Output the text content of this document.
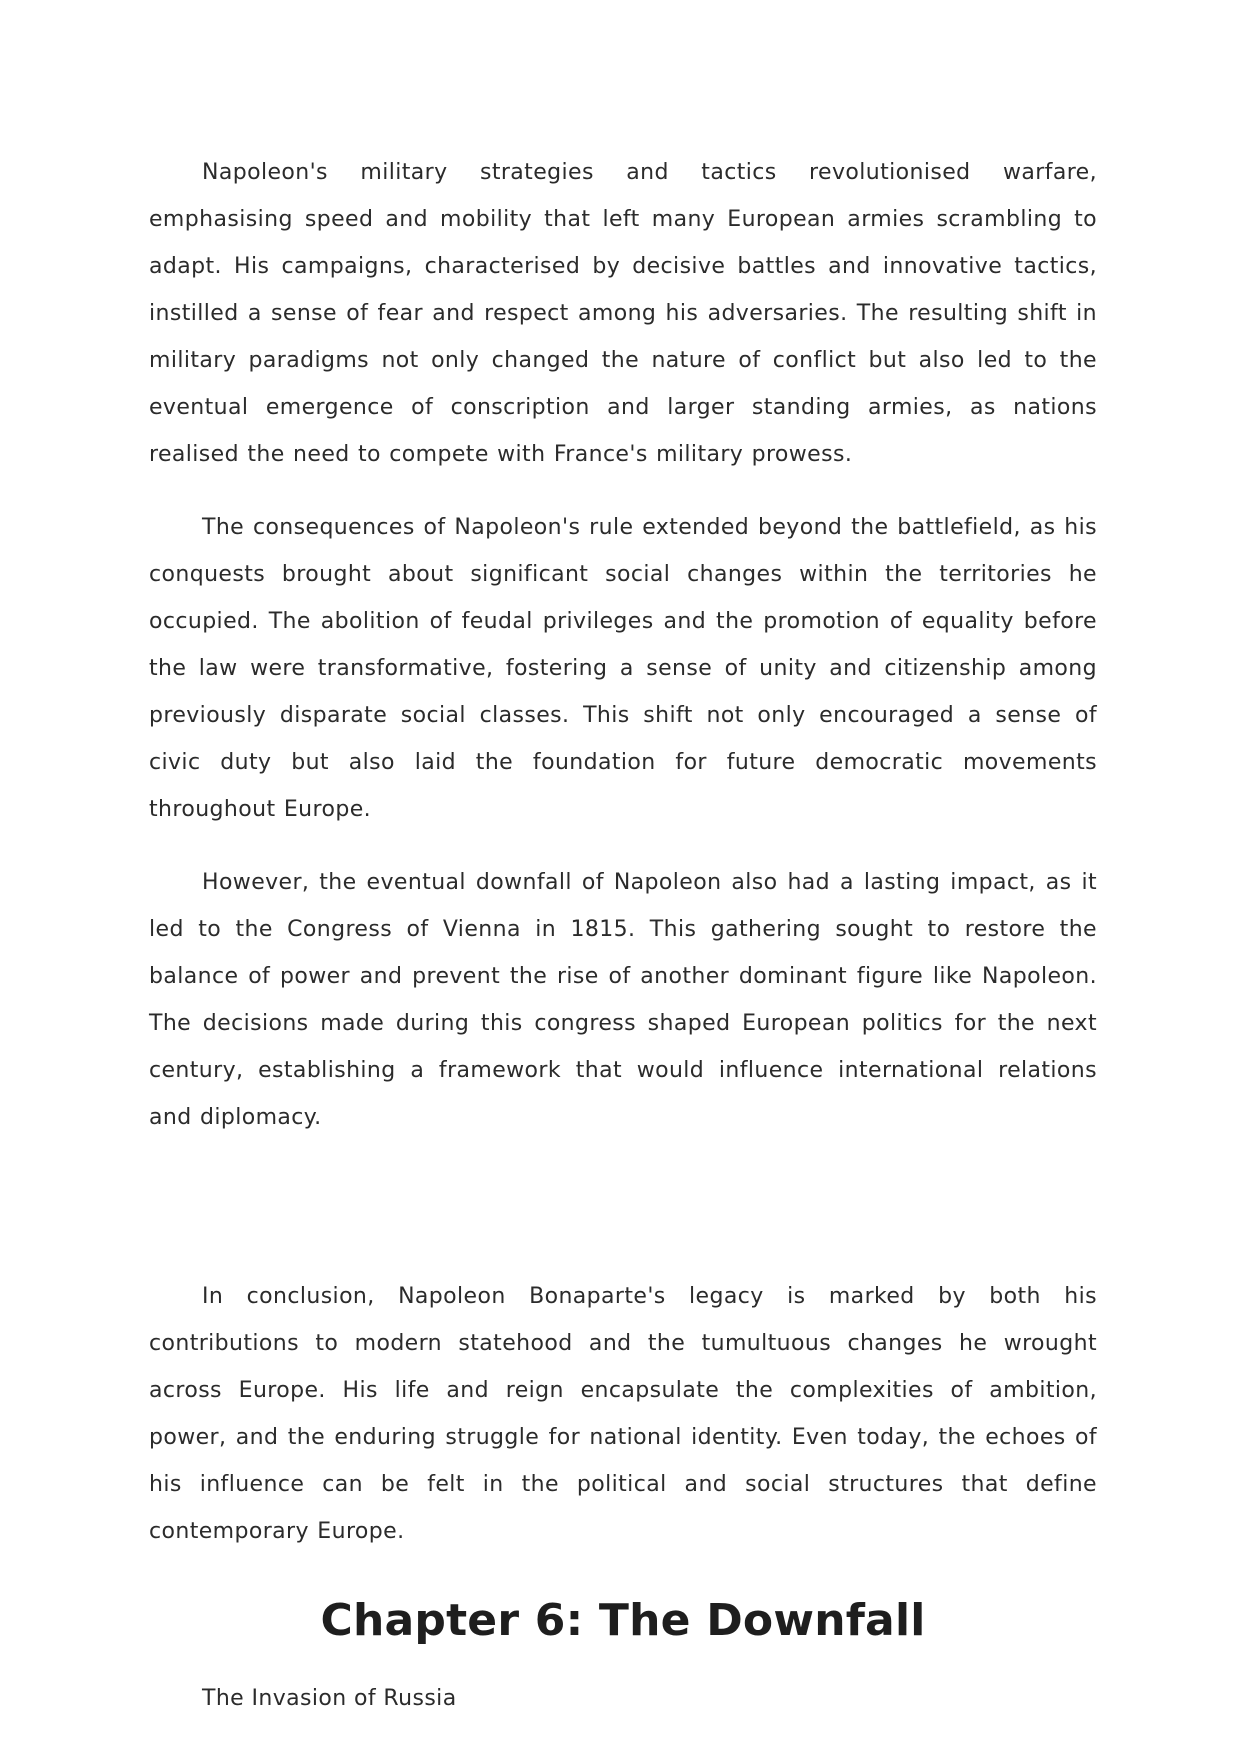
Napoleon's military strategies and tactics revolutionised warfare, emphasising speed and mobility that left many European armies scrambling to adapt. His campaigns, characterised by decisive battles and innovative tactics, instilled a sense of fear and respect among his adversaries. The resulting shift in military paradigms not only changed the nature of conflict but also led to the eventual emergence of conscription and larger standing armies, as nations realised the need to compete with France's military prowess.

The consequences of Napoleon's rule extended beyond the battlefield, as his conquests brought about significant social changes within the territories he occupied. The abolition of feudal privileges and the promotion of equality before the law were transformative, fostering a sense of unity and citizenship among previously disparate social classes. This shift not only encouraged a sense of civic duty but also laid the foundation for future democratic movements throughout Europe.

However, the eventual downfall of Napoleon also had a lasting impact, as it led to the Congress of Vienna in 1815. This gathering sought to restore the balance of power and prevent the rise of another dominant figure like Napoleon. The decisions made during this congress shaped European politics for the next century, establishing a framework that would influence international relations and diplomacy.

In conclusion, Napoleon Bonaparte's legacy is marked by both his contributions to modern statehood and the tumultuous changes he wrought across Europe. His life and reign encapsulate the complexities of ambition, power, and the enduring struggle for national identity. Even today, the echoes of his influence can be felt in the political and social structures that define contemporary Europe.

Chapter 6: The Downfall

The Invasion of Russia
